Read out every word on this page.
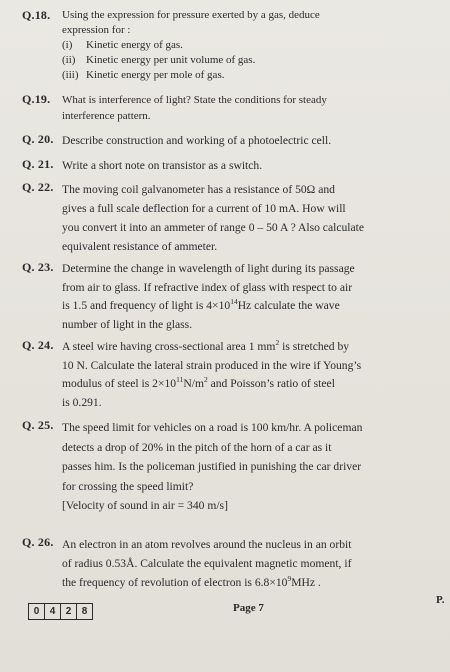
Q.18. Using the expression for pressure exerted by a gas, deduce
expression for :
(i) Kinetic energy of gas.
(ii) Kinetic energy per unit volume of gas.
(iii) Kinetic energy per mole of gas.
Q.19. What is interference of light? State the conditions for steady
interference pattern.
Q. 20. Describe construction and working of a photoelectric cell.
Q. 21. Write a short note on transistor as a switch.
Q. 22. The moving coil galvanometer has a resistance of 50Ω and
gives a full scale deflection for a current of 10 mA. How will
you convert it into an ammeter of range 0 – 50 A ? Also calculate
equivalent resistance of ammeter.
Q. 23. Determine the change in wavelength of light during its passage
from air to glass. If refractive index of glass with respect to air
is 1.5 and frequency of light is $4\times 10^{14}Hz$ calculate the wave
number of light in the glass.
Q. 24. A steel wire having cross-sectional area 1 $mm^2$ is stretched by
10 N. Calculate the lateral strain produced in the wire if Young’s
modulus of steel is $2\times 10^{11}N/m^2$ and Poisson’s ratio of steel
is 0.291.
Q. 25. The speed limit for vehicles on a road is 100 km/hr. A policeman
detects a drop of 20% in the pitch of the horn of a car as it
passes him. Is the policeman justified in punishing the car driver
for crossing the speed limit?
[Velocity of sound in air = 340 m/s]
Q. 26. An electron in an atom revolves around the nucleus in an orbit
of radius 0.53Å. Calculate the equivalent magnetic moment, if
the frequency of revolution of electron is $6.8\times 10^9MHz$ .
0	4	2	8	Page 7
P.
